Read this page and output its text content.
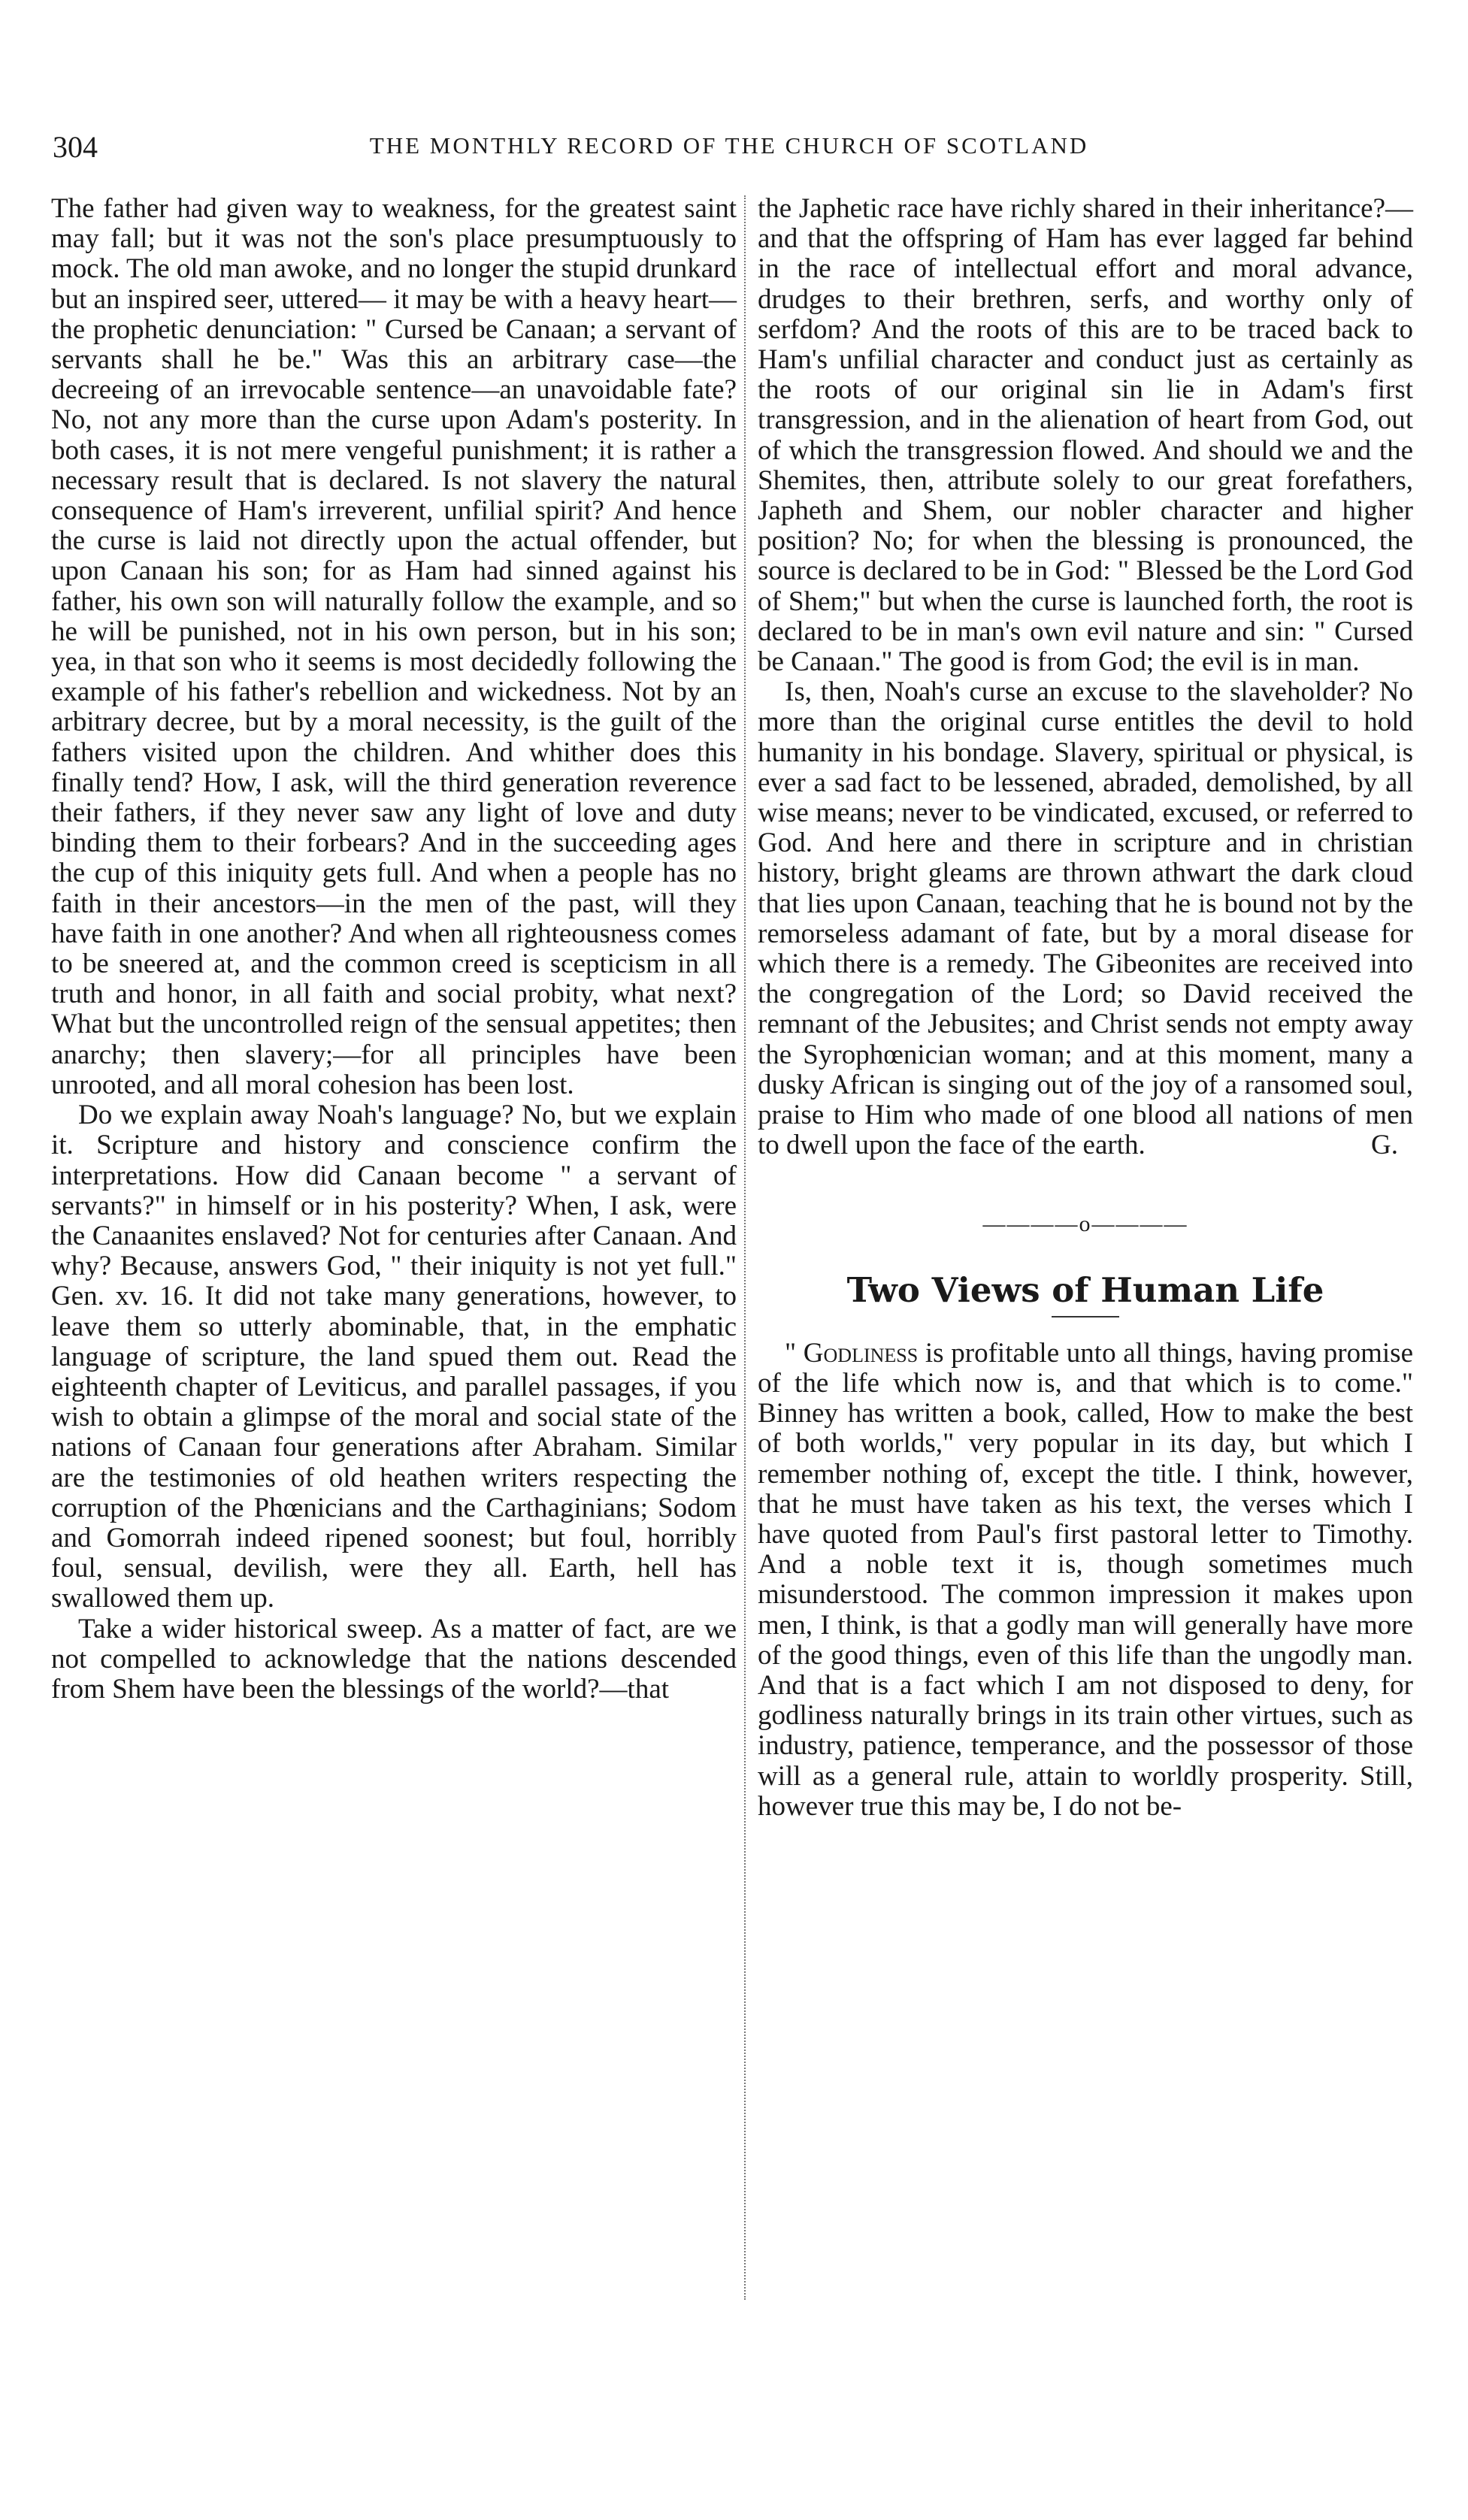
304	THE MONTHLY RECORD OF THE CHURCH OF SCOTLAND

The father had given way to weakness, for the greatest saint may fall; but it was not the son's place presumptuously to mock. The old man awoke, and no longer the stupid drunkard but an inspired seer, uttered— it may be with a heavy heart—the prophetic denunciation: " Cursed be Canaan; a servant of servants shall he be." Was this an arbitrary case—the decreeing of an irrevocable sentence—an unavoidable fate? No, not any more than the curse upon Adam's posterity. In both cases, it is not mere vengeful punishment; it is rather a necessary result that is declared. Is not slavery the natural consequence of Ham's irreverent, unfilial spirit? And hence the curse is laid not directly upon the actual offender, but upon Canaan his son; for as Ham had sinned against his father, his own son will naturally follow the example, and so he will be punished, not in his own person, but in his son; yea, in that son who it seems is most decidedly following the example of his father's rebellion and wickedness. Not by an arbitrary decree, but by a moral necessity, is the guilt of the fathers visited upon the children. And whither does this finally tend? How, I ask, will the third generation reverence their fathers, if they never saw any light of love and duty binding them to their forbears? And in the succeeding ages the cup of this iniquity gets full. And when a people has no faith in their ancestors—in the men of the past, will they have faith in one another? And when all righteousness comes to be sneered at, and the common creed is scepticism in all truth and honor, in all faith and social probity, what next? What but the uncontrolled reign of the sensual appetites; then anarchy; then slavery;—for all principles have been unrooted, and all moral cohesion has been lost.

Do we explain away Noah's language? No, but we explain it. Scripture and history and conscience confirm the interpretations. How did Canaan become " a servant of servants?" in himself or in his posterity? When, I ask, were the Canaanites enslaved? Not for centuries after Canaan. And why? Because, answers God, " their iniquity is not yet full." Gen. xv. 16. It did not take many generations, however, to leave them so utterly abominable, that, in the emphatic language of scripture, the land spued them out. Read the eighteenth chapter of Leviticus, and parallel passages, if you wish to obtain a glimpse of the moral and social state of the nations of Canaan four generations after Abraham. Similar are the testimonies of old heathen writers respecting the corruption of the Phœnicians and the Carthaginians; Sodom and Gomorrah indeed ripened soonest; but foul, horribly foul, sensual, devilish, were they all. Earth, hell has swallowed them up.

Take a wider historical sweep. As a matter of fact, are we not compelled to acknowledge that the nations descended from Shem have been the blessings of the world?—that

the Japhetic race have richly shared in their inheritance?—and that the offspring of Ham has ever lagged far behind in the race of intellectual effort and moral advance, drudges to their brethren, serfs, and worthy only of serfdom? And the roots of this are to be traced back to Ham's unfilial character and conduct just as certainly as the roots of our original sin lie in Adam's first transgression, and in the alienation of heart from God, out of which the transgression flowed. And should we and the Shemites, then, attribute solely to our great forefathers, Japheth and Shem, our nobler character and higher position? No; for when the blessing is pronounced, the source is declared to be in God: " Blessed be the Lord God of Shem;" but when the curse is launched forth, the root is declared to be in man's own evil nature and sin: " Cursed be Canaan." The good is from God; the evil is in man.

Is, then, Noah's curse an excuse to the slaveholder? No more than the original curse entitles the devil to hold humanity in his bondage. Slavery, spiritual or physical, is ever a sad fact to be lessened, abraded, demolished, by all wise means; never to be vindicated, excused, or referred to God. And here and there in scripture and in christian history, bright gleams are thrown athwart the dark cloud that lies upon Canaan, teaching that he is bound not by the remorseless adamant of fate, but by a moral disease for which there is a remedy. The Gibeonites are received into the congregation of the Lord; so David received the remnant of the Jebusites; and Christ sends not empty away the Syrophœnician woman; and at this moment, many a dusky African is singing out of the joy of a ransomed soul, praise to Him who made of one blood all nations of men to dwell upon the face of the earth.	G.

————o————
Two Views of Human Life

" Godliness is profitable unto all things, having promise of the life which now is, and that which is to come." Binney has written a book, called, How to make the best of both worlds," very popular in its day, but which I remember nothing of, except the title. I think, however, that he must have taken as his text, the verses which I have quoted from Paul's first pastoral letter to Timothy. And a noble text it is, though sometimes much misunderstood. The common impression it makes upon men, I think, is that a godly man will generally have more of the good things, even of this life than the ungodly man. And that is a fact which I am not disposed to deny, for godliness naturally brings in its train other virtues, such as industry, patience, temperance, and the possessor of those will as a general rule, attain to worldly prosperity. Still, however true this may be, I do not be-
